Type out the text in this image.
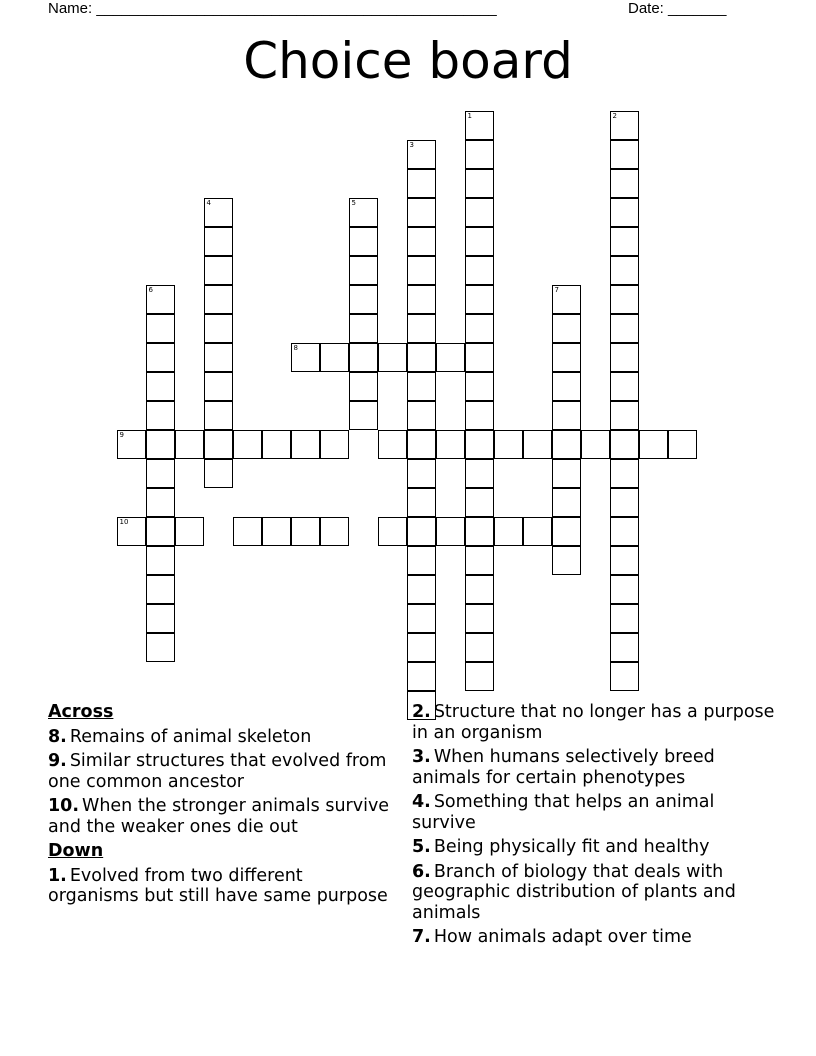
Name: ________________________________________________	Date: _______
Choice board
1	2
3
4	5
6	7
8
9
10
Across
8. Remains of animal skeleton
9. Similar structures that evolved from one common ancestor
10. When the stronger animals survive and the weaker ones die out
Down
1. Evolved from two different organisms but still have same purpose
2. Structure that no longer has a purpose in an organism
3. When humans selectively breed animals for certain phenotypes
4. Something that helps an animal survive
5. Being physically fit and healthy
6. Branch of biology that deals with geographic distribution of plants and animals
7. How animals adapt over time
